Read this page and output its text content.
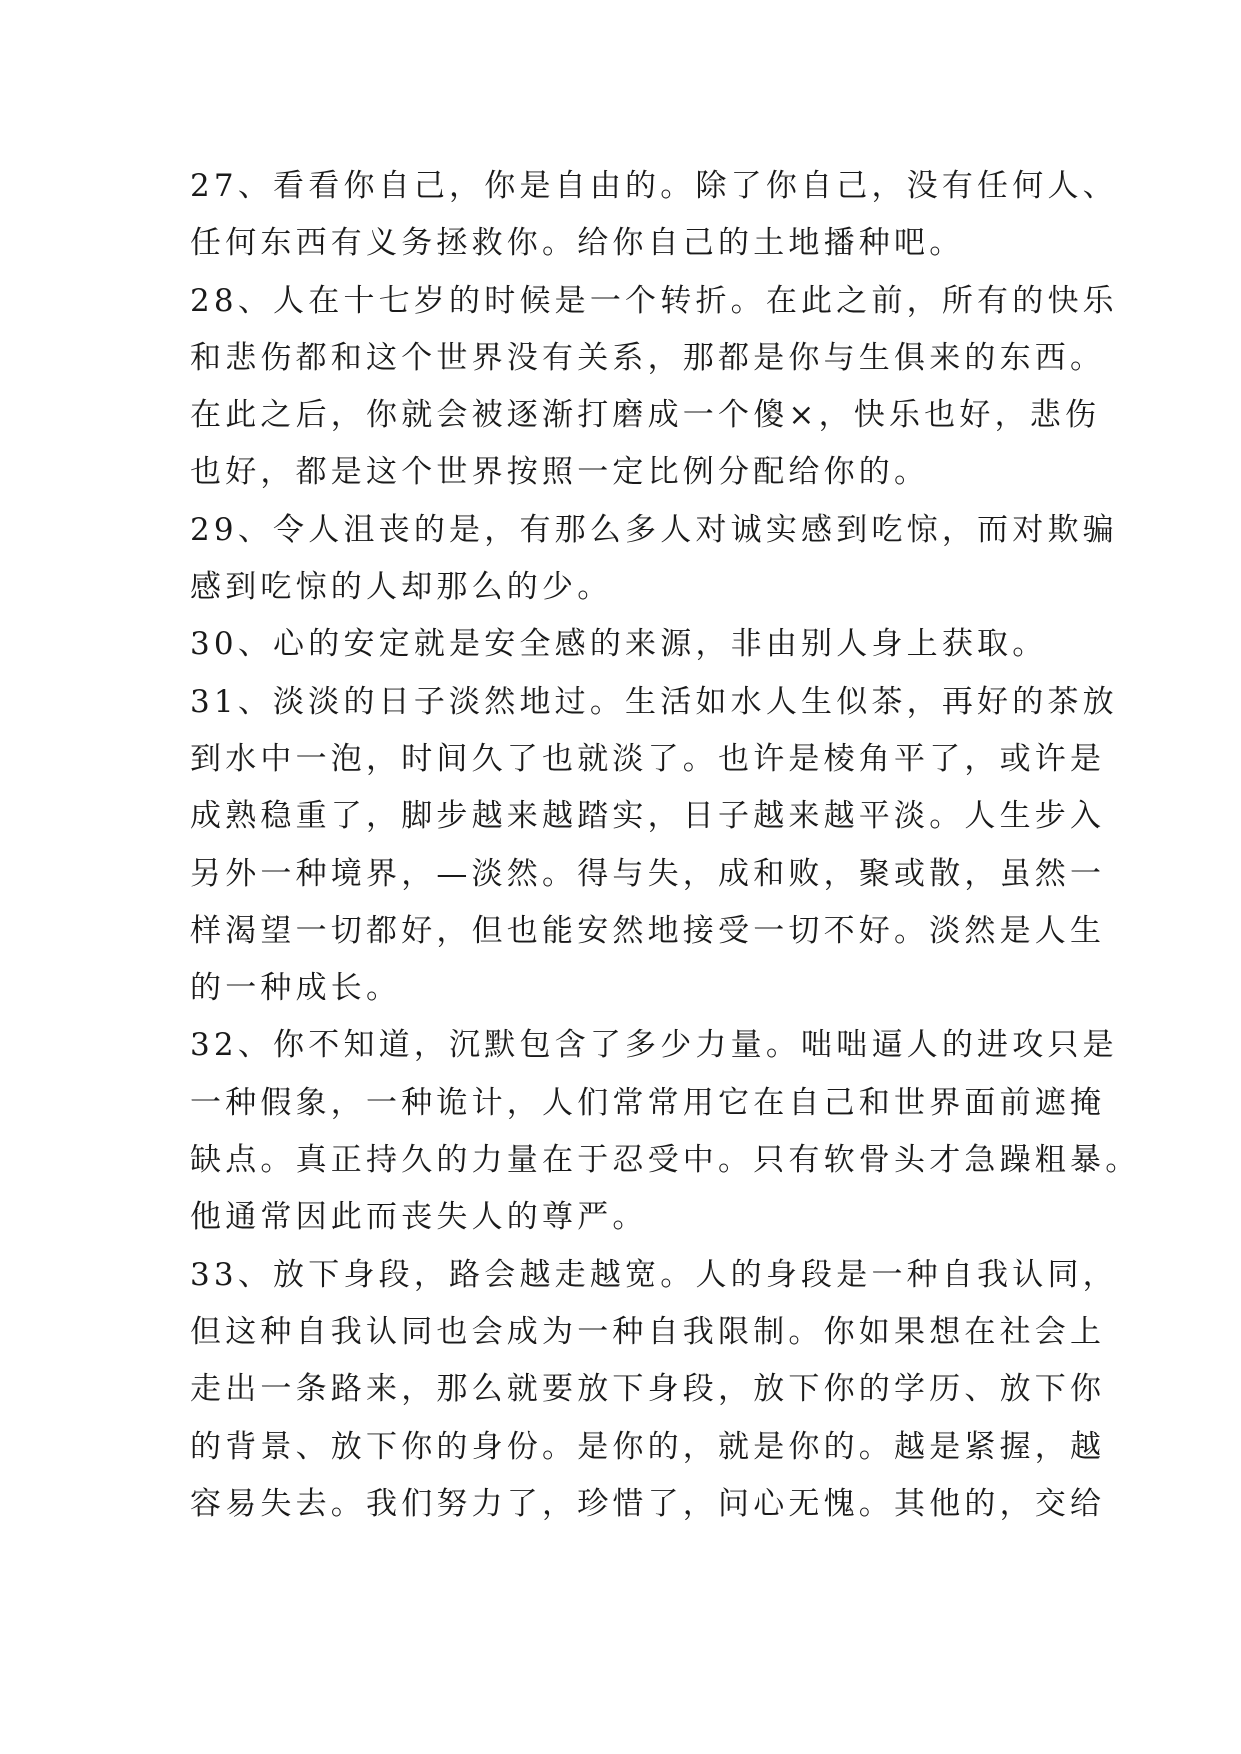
27、看看你自己，你是自由的。除了你自己，没有任何人、
任何东西有义务拯救你。给你自己的土地播种吧。
28、人在十七岁的时候是一个转折。在此之前，所有的快乐
和悲伤都和这个世界没有关系，那都是你与生俱来的东西。
在此之后，你就会被逐渐打磨成一个傻×，快乐也好，悲伤
也好，都是这个世界按照一定比例分配给你的。
29、令人沮丧的是，有那么多人对诚实感到吃惊，而对欺骗
感到吃惊的人却那么的少。
30、心的安定就是安全感的来源，非由别人身上获取。
31、淡淡的日子淡然地过。生活如水人生似茶，再好的茶放
到水中一泡，时间久了也就淡了。也许是棱角平了，或许是
成熟稳重了，脚步越来越踏实，日子越来越平淡。人生步入
另外一种境界，—淡然。得与失，成和败，聚或散，虽然一
样渴望一切都好，但也能安然地接受一切不好。淡然是人生
的一种成长。
32、你不知道，沉默包含了多少力量。咄咄逼人的进攻只是
一种假象，一种诡计，人们常常用它在自己和世界面前遮掩
缺点。真正持久的力量在于忍受中。只有软骨头才急躁粗暴。
他通常因此而丧失人的尊严。
33、放下身段，路会越走越宽。人的身段是一种自我认同，
但这种自我认同也会成为一种自我限制。你如果想在社会上
走出一条路来，那么就要放下身段，放下你的学历、放下你
的背景、放下你的身份。是你的，就是你的。越是紧握，越
容易失去。我们努力了，珍惜了，问心无愧。其他的，交给
